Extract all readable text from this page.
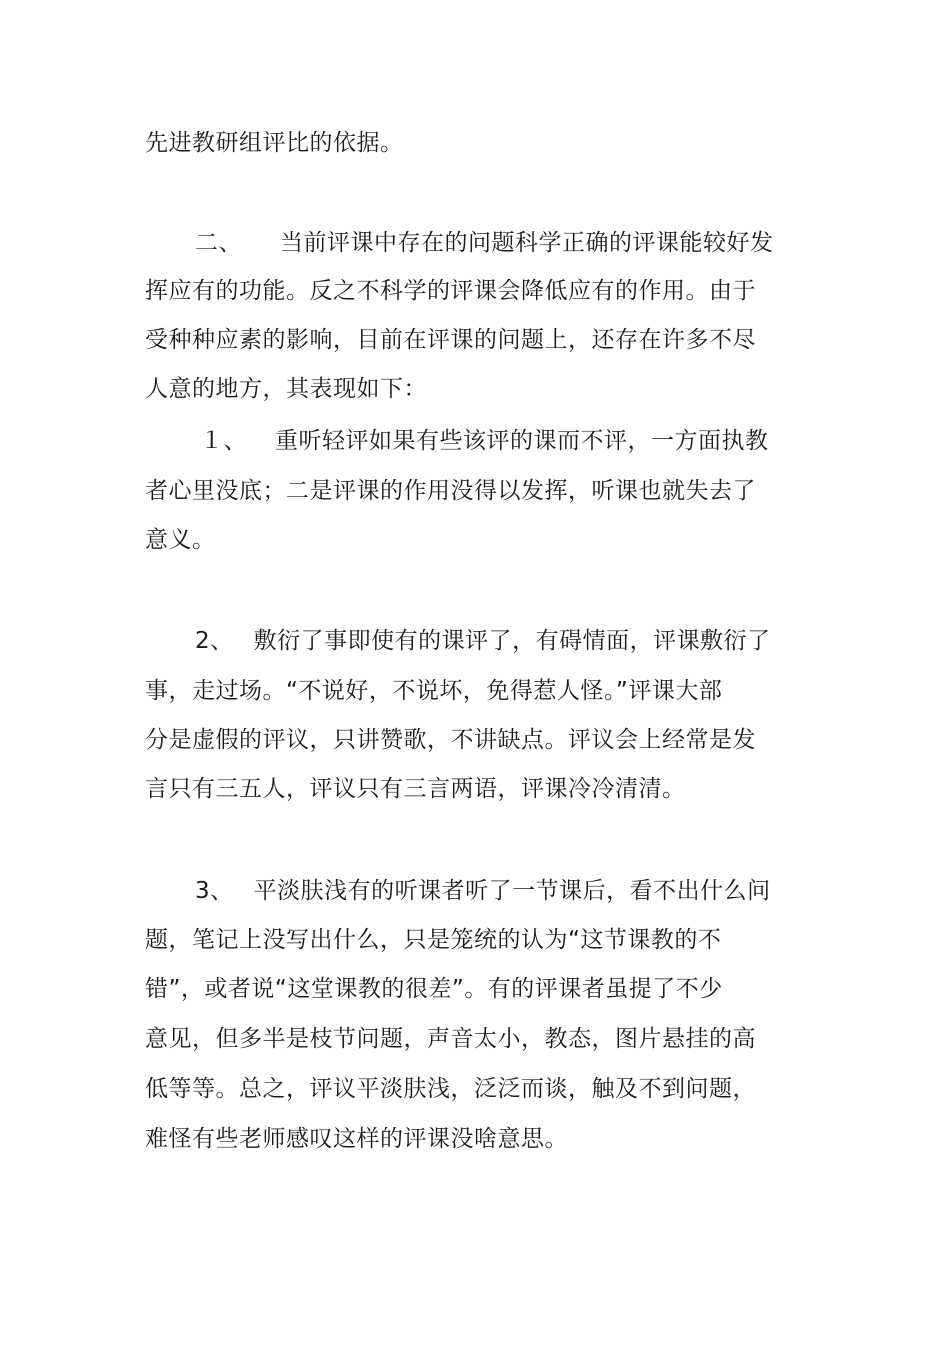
先进教研组评比的依据。
二、 当前评课中存在的问题科学正确的评课能较好发
挥应有的功能。反之不科学的评课会降低应有的作用。由于
受种种应素的影响，目前在评课的问题上，还存在许多不尽
人意的地方，其表现如下：
１、 重听轻评如果有些该评的课而不评，一方面执教
者心里没底；二是评课的作用没得以发挥，听课也就失去了
意义。
2、 敷衍了事即使有的课评了，有碍情面，评课敷衍了
事，走过场。“不说好，不说坏，免得惹人怪。”评课大部
分是虚假的评议，只讲赞歌，不讲缺点。评议会上经常是发
言只有三五人，评议只有三言两语，评课冷冷清清。
3、 平淡肤浅有的听课者听了一节课后，看不出什么问
题，笔记上没写出什么，只是笼统的认为“这节课教的不
错”，或者说“这堂课教的很差”。有的评课者虽提了不少
意见，但多半是枝节问题，声音太小，教态，图片悬挂的高
低等等。总之，评议平淡肤浅，泛泛而谈，触及不到问题，
难怪有些老师感叹这样的评课没啥意思。
